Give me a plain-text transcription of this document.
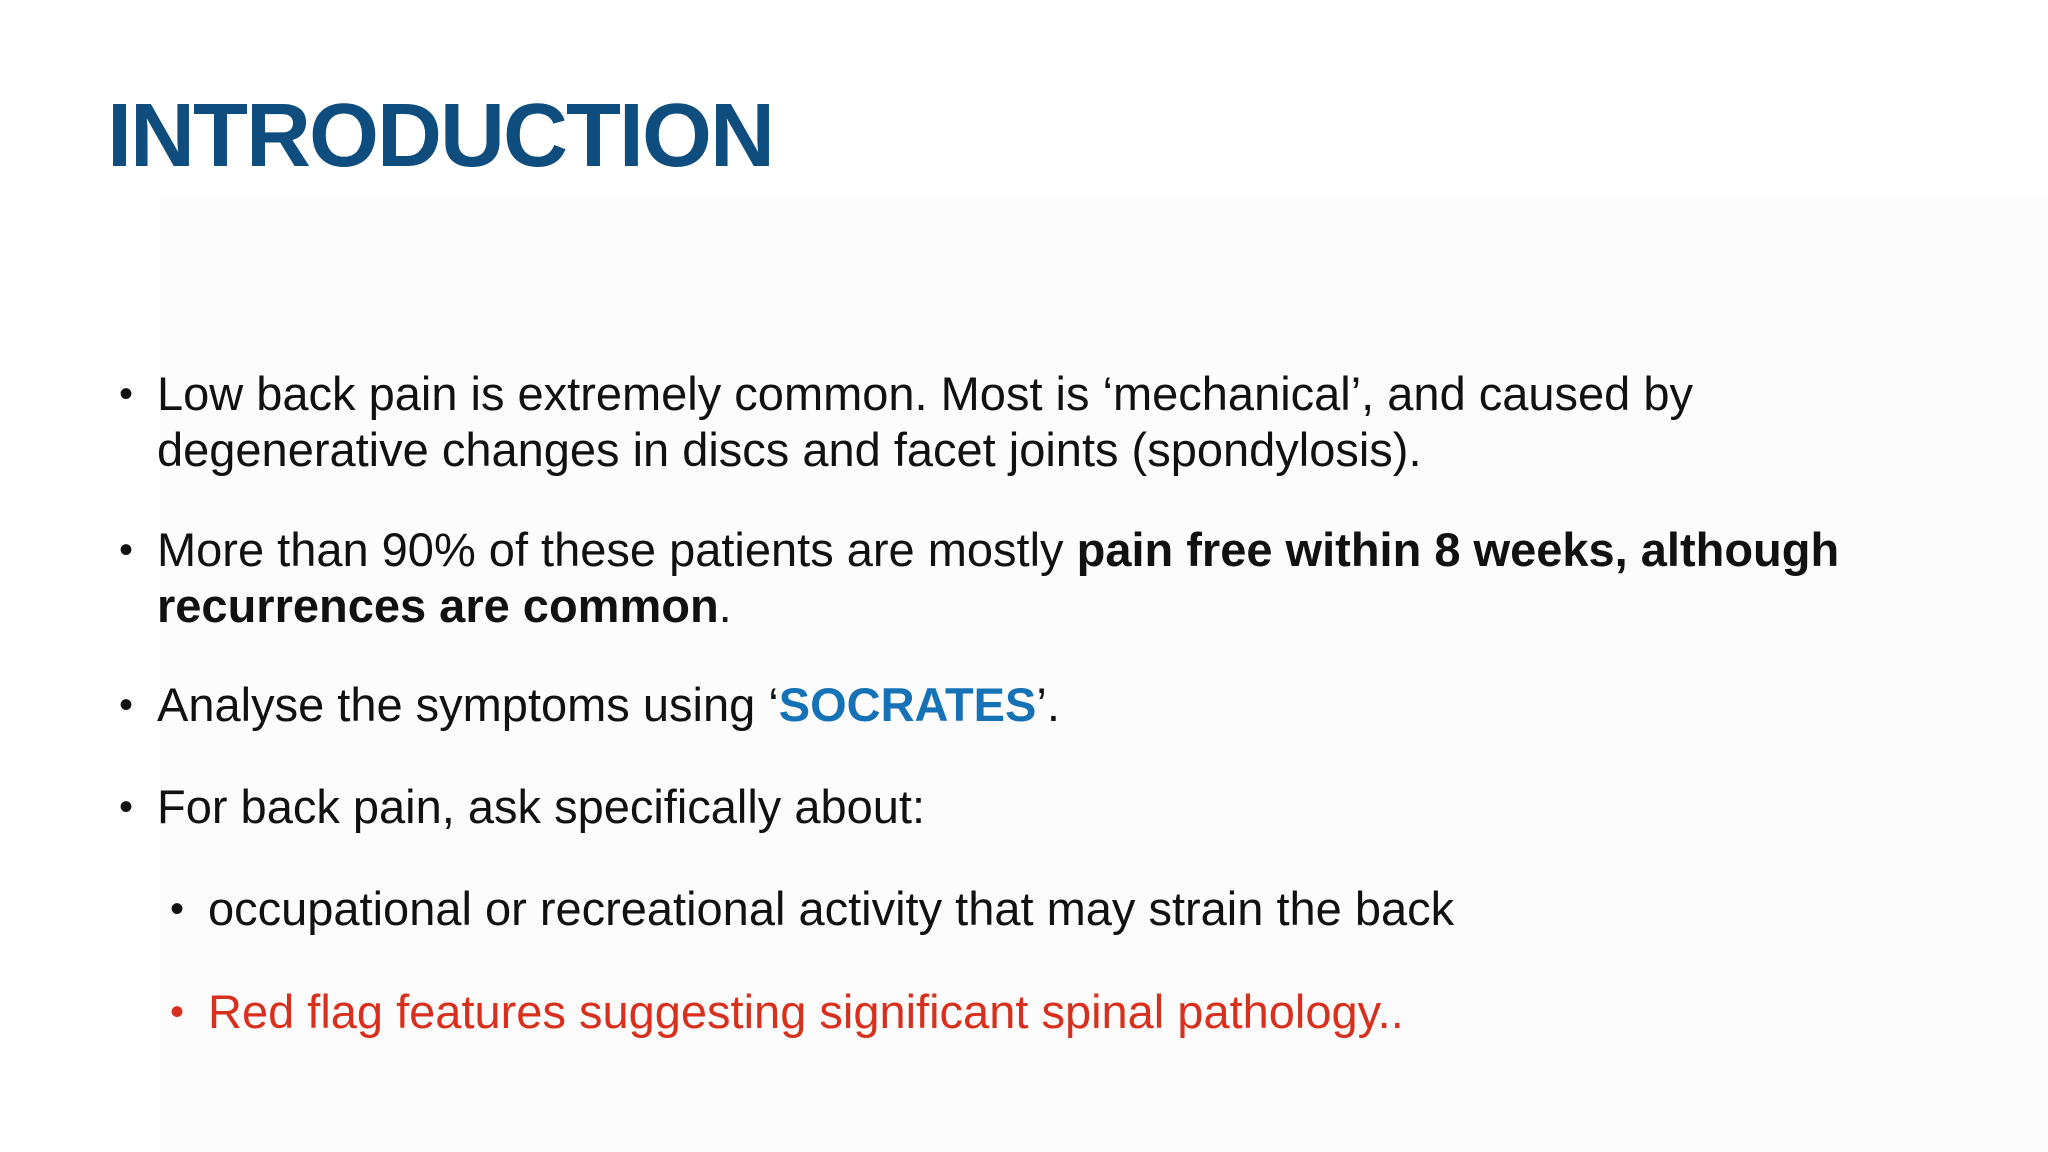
INTRODUCTION
• Low back pain is extremely common. Most is ‘mechanical’, and caused by degenerative changes in discs and facet joints (spondylosis).
• More than 90% of these patients are mostly pain free within 8 weeks, although recurrences are common.
• Analyse the symptoms using ‘SOCRATES’.
• For back pain, ask specifically about:
• occupational or recreational activity that may strain the back
• Red flag features suggesting significant spinal pathology..
